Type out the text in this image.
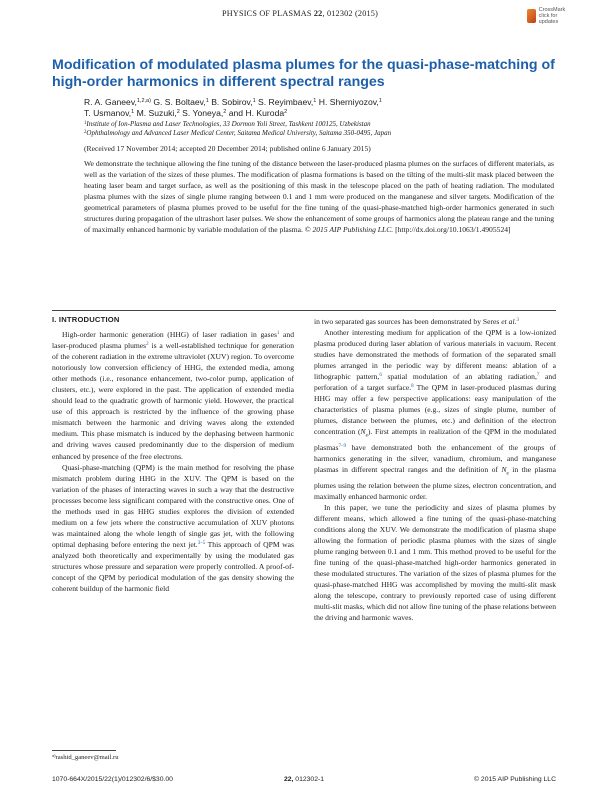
PHYSICS OF PLASMAS 22, 012302 (2015)	CrossMark
click for updates
Modification of modulated plasma plumes for the quasi-phase-matching of high-order harmonics in different spectral ranges
R. A. Ganeev,$^{1,2,a)}$ G. S. Boltaev,$^1$ B. Sobirov,$^1$ S. Reyimbaev,$^1$ H. Sherniyozov,$^1$
T. Usmanov,$^1$ M. Suzuki,$^2$ S. Yoneya,$^2$ and H. Kuroda$^2$
$^1$Institute of Ion-Plasma and Laser Technologies, 33 Dormon Yoli Street, Tashkent 100125, Uzbekistan
$^2$Ophthalmology and Advanced Laser Medical Center, Saitama Medical University, Saitama 350-0495, Japan
(Received 17 November 2014; accepted 20 December 2014; published online 6 January 2015)
We demonstrate the technique allowing the fine tuning of the distance between the laser-produced plasma plumes on the surfaces of different materials, as well as the variation of the sizes of these plumes. The modification of plasma formations is based on the tilting of the multi-slit mask placed between the heating laser beam and target surface, as well as the positioning of this mask in the telescope placed on the path of heating radiation. The modulated plasma plumes with the sizes of single plume ranging between 0.1 and 1 mm were produced on the manganese and silver targets. Modification of the geometrical parameters of plasma plumes proved to be useful for the fine tuning of the quasi-phase-matched high-order harmonics generated in such structures during propagation of the ultrashort laser pulses. We show the enhancement of some groups of harmonics along the plateau range and the tuning of maximally enhanced harmonic by variable modulation of the plasma. © 2015 AIP Publishing LLC. [http://dx.doi.org/10.1063/1.4905524]
I. INTRODUCTION

High-order harmonic generation (HHG) of laser radiation in gases$^1$ and laser-produced plasma plumes$^2$ is a well-established technique for generation of the coherent radiation in the extreme ultraviolet (XUV) region. To overcome notoriously low conversion efficiency of HHG, the extended media, among other methods (i.e., resonance enhancement, two-color pump, application of clusters, etc.), were explored in the past. The application of extended media should lead to the quadratic growth of harmonic yield. However, the practical use of this approach is restricted by the influence of the growing phase mismatch between the harmonic and driving waves along the extended medium. This phase mismatch is induced by the dephasing between harmonic and driving waves caused predominantly due to the dispersion of medium enhanced by presence of the free electrons.

Quasi-phase-matching (QPM) is the main method for resolving the phase mismatch problem during HHG in the XUV. The QPM is based on the variation of the phases of interacting waves in such a way that the destructive processes become less significant compared with the constructive ones. One of the methods used in gas HHG studies explores the division of extended medium on a few jets where the constructive accumulation of XUV photons was maintained along the whole length of single gas jet, with the following optimal dephasing before entering the next jet.$^{3-5}$ This approach of QPM was analyzed both theoretically and experimentally by using the modulated gas structures whose pressure and separation were properly controlled. A proof-of-concept of the QPM by periodical modulation of the gas density showing the coherent buildup of the harmonic field

in two separated gas sources has been demonstrated by Seres et al.$^3$

Another interesting medium for application of the QPM is a low-ionized plasma produced during laser ablation of various materials in vacuum. Recent studies have demonstrated the methods of formation of the separated small plumes arranged in the periodic way by different means: ablation of a lithographic pattern,$^6$ spatial modulation of an ablating radiation,$^7$ and perforation of a target surface.$^8$ The QPM in laser-produced plasmas during HHG may offer a few perspective applications: easy manipulation of the characteristics of plasma plumes (e.g., sizes of single plume, number of plumes, distance between the plumes, etc.) and definition of the electron concentration $(N_e)$. First attempts in realization of the QPM in the modulated plasmas$^{7-9}$ have demonstrated both the enhancement of the groups of harmonics generating in the silver, vanadium, chromium, and manganese plasmas in different spectral ranges and the definition of $N_e$ in the plasma plumes using the relation between the plume sizes, electron concentration, and maximally enhanced harmonic order.

In this paper, we tune the periodicity and sizes of plasma plumes by different means, which allowed a fine tuning of the quasi-phase-matching conditions along the XUV. We demonstrate the modification of plasma shape allowing the formation of periodic plasma plumes with the sizes of single plume ranging between 0.1 and 1 mm. This method proved to be useful for the fine tuning of the quasi-phase-matched high-order harmonics generated in these modulated structures. The variation of the sizes of plasma plumes for the quasi-phase-matched HHG was accomplished by moving the multi-slit mask along the telescope, contrary to previously reported case of using different multi-slit masks, which did not allow fine tuning of the phase relations between the driving and harmonic waves.

$^{a)}$rashid_ganeev@mail.ru
1070-664X/2015/22(1)/012302/6/$30.00	22, 012302-1	© 2015 AIP Publishing LLC
